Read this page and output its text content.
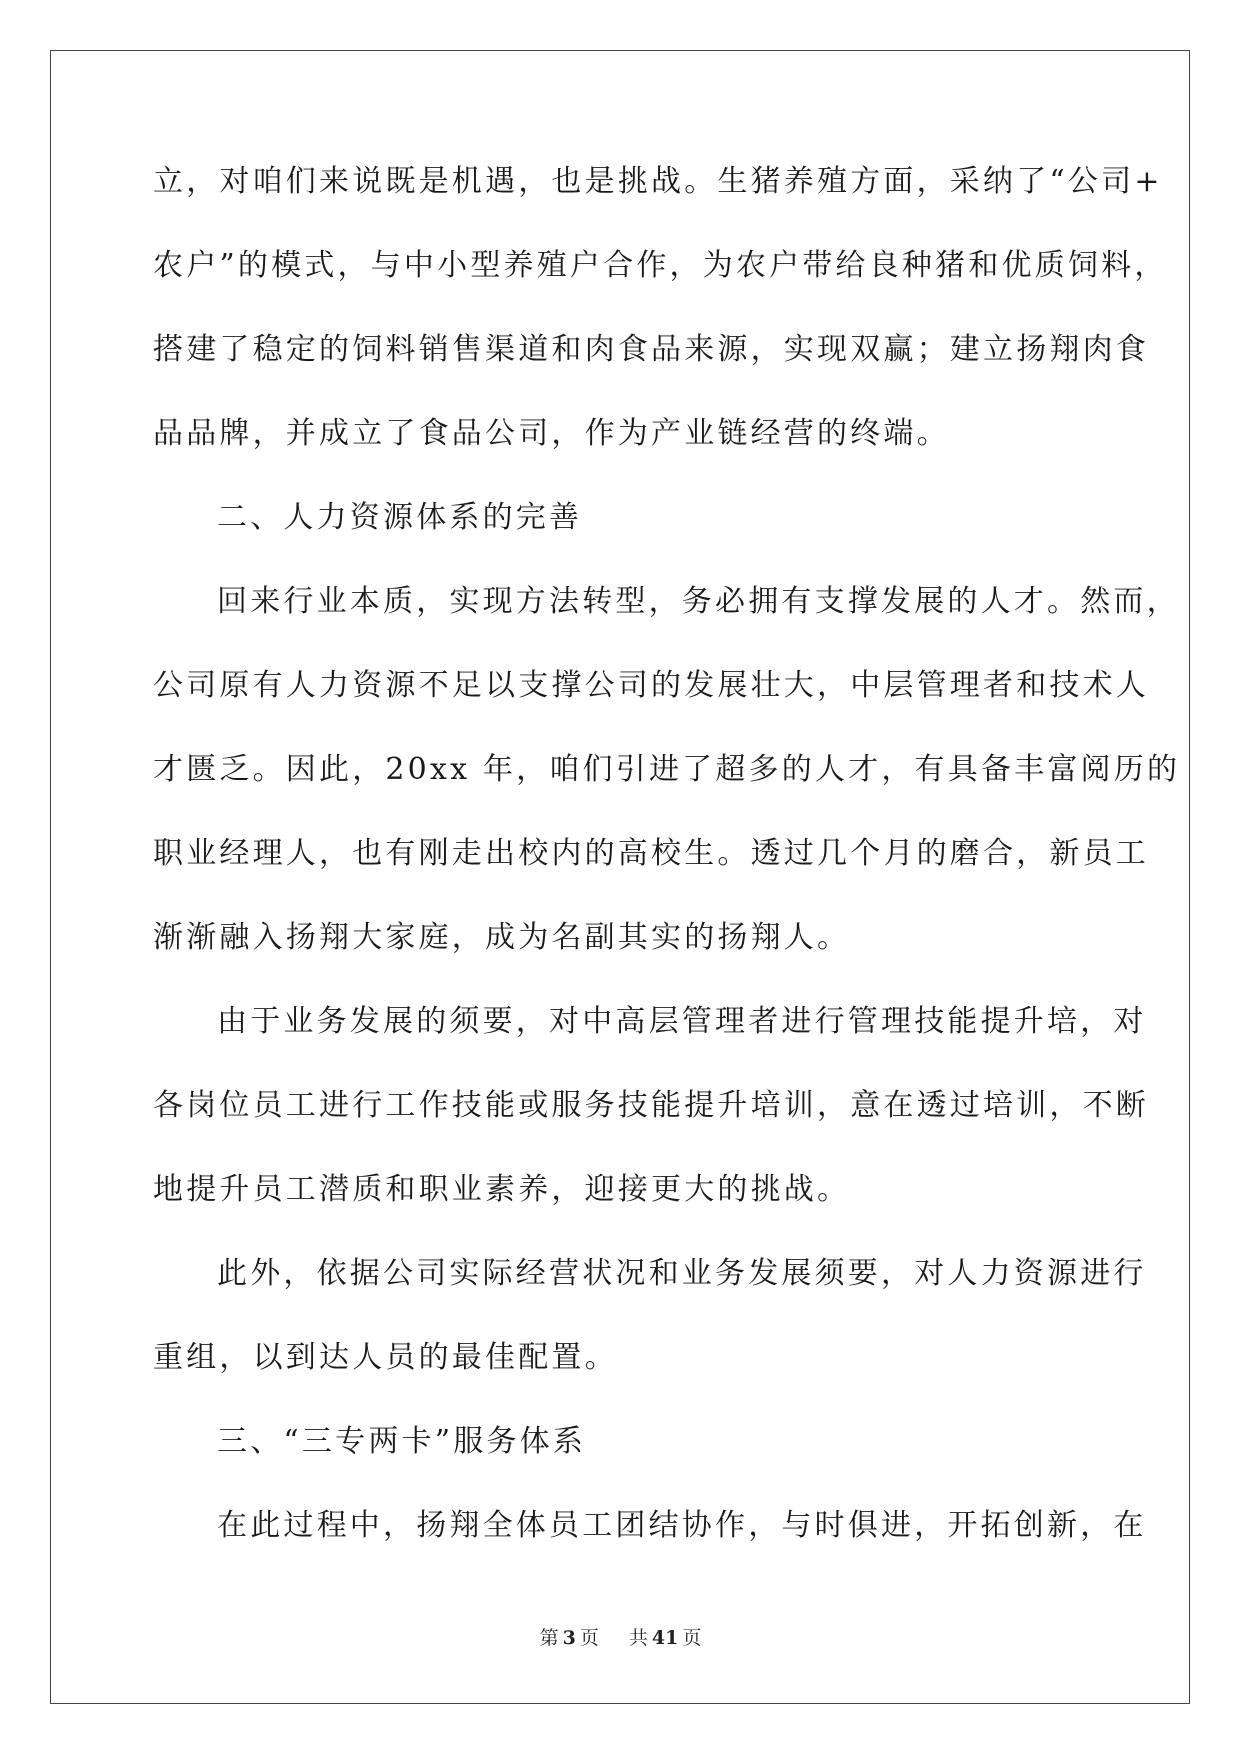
立，对咱们来说既是机遇，也是挑战。生猪养殖方面，采纳了“公司+
农户”的模式，与中小型养殖户合作，为农户带给良种猪和优质饲料，
搭建了稳定的饲料销售渠道和肉食品来源，实现双赢；建立扬翔肉食
品品牌，并成立了食品公司，作为产业链经营的终端。
二、人力资源体系的完善
回来行业本质，实现方法转型，务必拥有支撑发展的人才。然而，
公司原有人力资源不足以支撑公司的发展壮大，中层管理者和技术人
才匮乏。因此，20xx 年，咱们引进了超多的人才，有具备丰富阅历的
职业经理人，也有刚走出校内的高校生。透过几个月的磨合，新员工
渐渐融入扬翔大家庭，成为名副其实的扬翔人。
由于业务发展的须要，对中高层管理者进行管理技能提升培，对
各岗位员工进行工作技能或服务技能提升培训，意在透过培训，不断
地提升员工潜质和职业素养，迎接更大的挑战。
此外，依据公司实际经营状况和业务发展须要，对人力资源进行
重组，以到达人员的最佳配置。
三、“三专两卡”服务体系
在此过程中，扬翔全体员工团结协作，与时俱进，开拓创新，在
第 3 页 共 41 页
